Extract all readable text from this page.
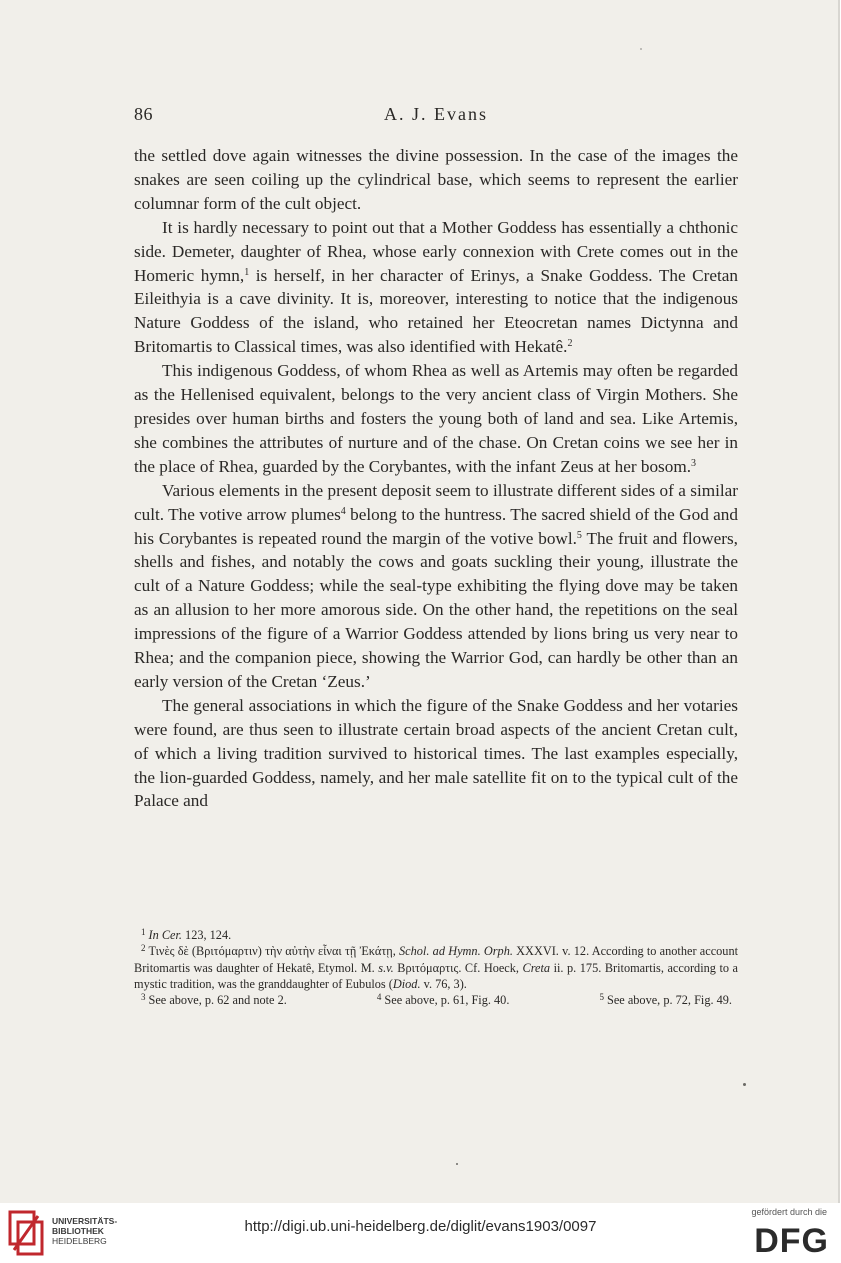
86	A. J. Evans

the settled dove again witnesses the divine possession. In the case of the images the snakes are seen coiling up the cylindrical base, which seems to represent the earlier columnar form of the cult object.

It is hardly necessary to point out that a Mother Goddess has essentially a chthonic side. Demeter, daughter of Rhea, whose early connexion with Crete comes out in the Homeric hymn,$^1$ is herself, in her character of Erinys, a Snake Goddess. The Cretan Eileithyia is a cave divinity. It is, moreover, interesting to notice that the indigenous Nature Goddess of the island, who retained her Eteocretan names Dictynna and Britomartis to Classical times, was also identified with Hekatê.$^2$

This indigenous Goddess, of whom Rhea as well as Artemis may often be regarded as the Hellenised equivalent, belongs to the very ancient class of Virgin Mothers. She presides over human births and fosters the young both of land and sea. Like Artemis, she combines the attributes of nurture and of the chase. On Cretan coins we see her in the place of Rhea, guarded by the Corybantes, with the infant Zeus at her bosom.$^3$

Various elements in the present deposit seem to illustrate different sides of a similar cult. The votive arrow plumes$^4$ belong to the huntress. The sacred shield of the God and his Corybantes is repeated round the margin of the votive bowl.$^5$ The fruit and flowers, shells and fishes, and notably the cows and goats suckling their young, illustrate the cult of a Nature Goddess; while the seal-type exhibiting the flying dove may be taken as an allusion to her more amorous side. On the other hand, the repetitions on the seal impressions of the figure of a Warrior Goddess attended by lions bring us very near to Rhea; and the companion piece, showing the Warrior God, can hardly be other than an early version of the Cretan ‘Zeus.’

The general associations in which the figure of the Snake Goddess and her votaries were found, are thus seen to illustrate certain broad aspects of the ancient Cretan cult, of which a living tradition survived to historical times. The last examples especially, the lion-guarded Goddess, namely, and her male satellite fit on to the typical cult of the Palace and

$^1$ In Cer. 123, 124.

$^2$ Τινὲς δὲ (Βριτόμαρτιν) τὴν αὐτὴν εἶναι τῇ Ἐκάτῃ, Schol. ad Hymn. Orph. XXXVI. v. 12. According to another account Britomartis was daughter of Hekatê, Etymol. M. s.v. Βριτόμαρτις. Cf. Hoeck, Creta ii. p. 175. Britomartis, according to a mystic tradition, was the granddaughter of Eubulos (Diod. v. 76, 3).

$^3$ See above, p. 62 and note 2.	$^4$ See above, p. 61, Fig. 40.	$^5$ See above, p. 72, Fig. 49.
UNIVERSITÄTS-
BIBLIOTHEK
HEIDELBERG
http://digi.ub.uni-heidelberg.de/diglit/evans1903/0097
gefördert durch die
DFG
